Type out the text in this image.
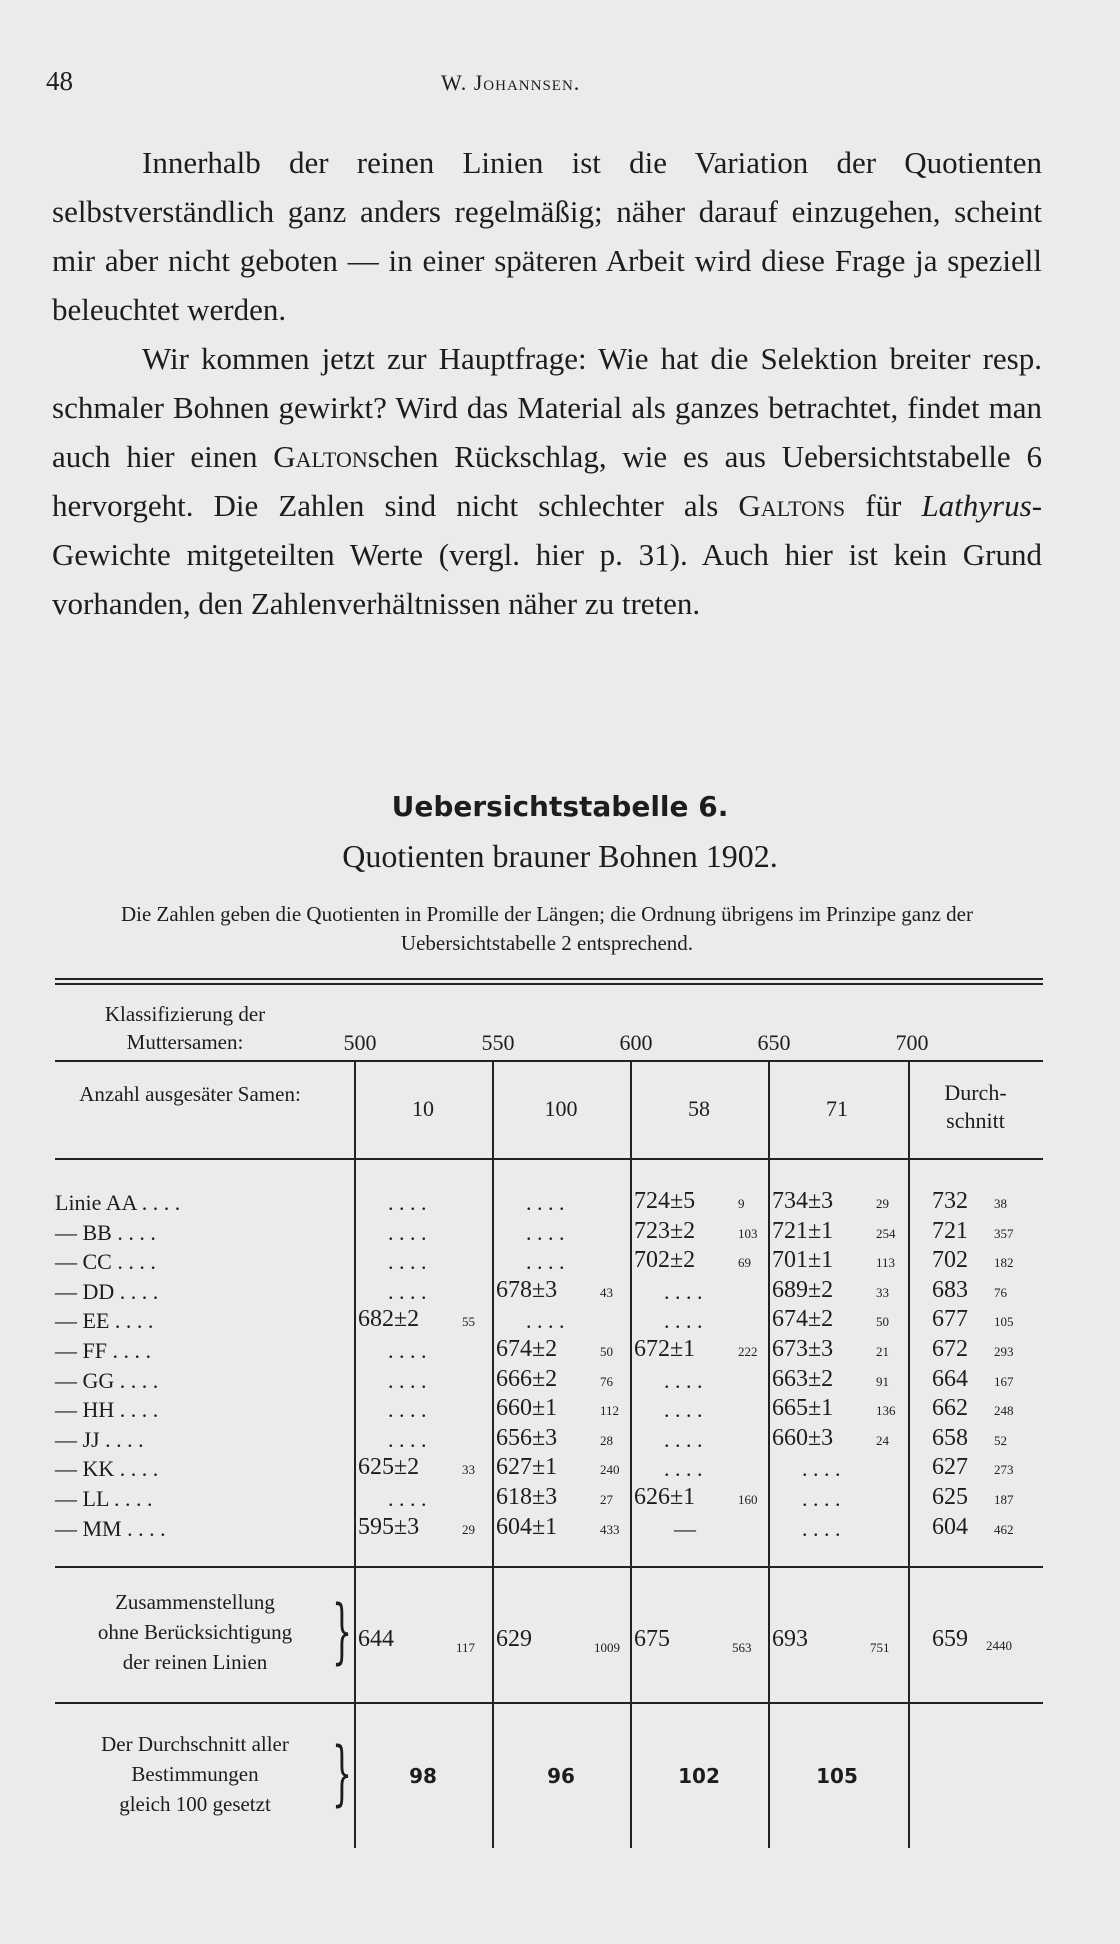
48	W. Johannsen.

Innerhalb der reinen Linien ist die Variation der Quotienten selbstverständlich ganz anders regelmäßig; näher darauf einzugehen, scheint mir aber nicht geboten — in einer späteren Arbeit wird diese Frage ja speziell beleuchtet werden.

Wir kommen jetzt zur Hauptfrage: Wie hat die Selektion breiter resp. schmaler Bohnen gewirkt? Wird das Material als ganzes betrachtet, findet man auch hier einen Galtonschen Rückschlag, wie es aus Uebersichtstabelle 6 hervorgeht. Die Zahlen sind nicht schlechter als Galtons für Lathyrus-Gewichte mitgeteilten Werte (vergl. hier p. 31). Auch hier ist kein Grund vorhanden, den Zahlenverhältnissen näher zu treten.

Uebersichtstabelle 6.
Quotienten brauner Bohnen 1902.
Die Zahlen geben die Quotienten in Promille der Längen; die Ordnung übrigens im Prinzipe ganz der Uebersichtstabelle 2 entsprechend.
Klassifizierung der Muttersamen:	500	550	600	650	700
Anzahl ausgesäter Samen:
10	100	58	71
Durch-
schnitt
Linie AA . . . .	. . . .	. . . .	724±5	9 734±3	29 732 38
— BB . . . .	. . . .	. . . .	723±2	103 721±1	254 721 357
— CC . . . .	. . . .	. . . .	702±2	69 701±1	113 702 182
— DD . . . .	. . . .	678±3	43 . . . .	689±2	33 683 76
— EE . . . .	682±2	55 . . . .	. . . .	674±2	50 677 105
— FF . . . .	. . . .	674±2	50 672±1	222 673±3	21 672 293
— GG . . . .	. . . .	666±2	76 . . . .	663±2	91 664 167
— HH . . . .	. . . .	660±1	112 . . . .	665±1	136 662 248
— JJ . . . .	. . . .	656±3	28 . . . .	660±3	24 658 52
— KK . . . .	625±2	33 627±1	240 . . . .	. . . .	627 273
— LL . . . .	. . . .	618±3	27 626±1	160 . . . .	625 187
— MM . . . .	595±3	29 604±1	433 —	. . . .	604 462
Zusammenstellung
ohne Berücksichtigung
der reinen Linien } 644	117 629	1009 675	563 693	751 659 2440
Der Durchschnitt aller
Bestimmungen
gleich 100 gesetzt }	98	96	102	105
